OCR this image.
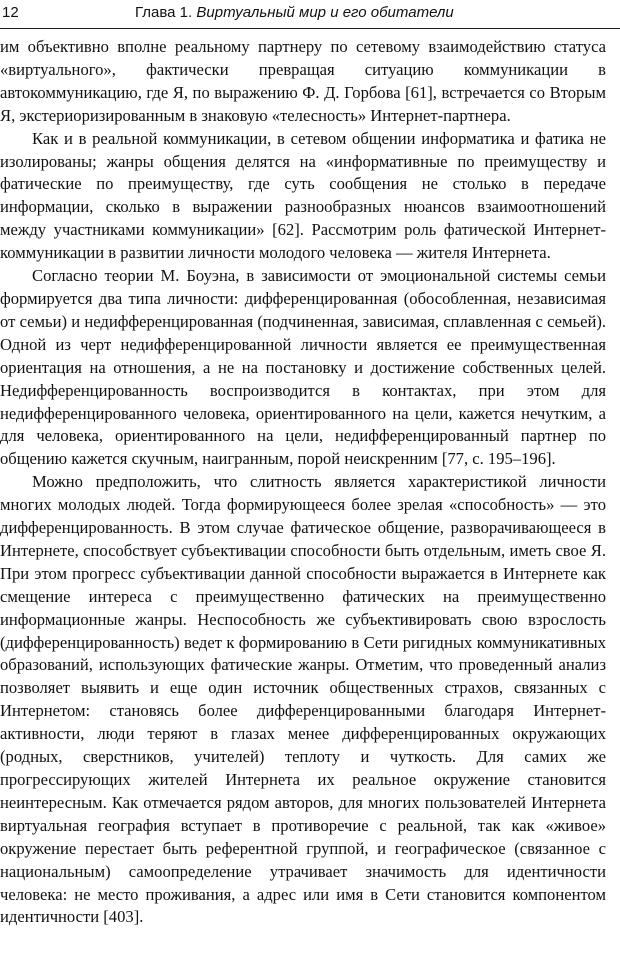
12	Глава 1. Виртуальный мир и его обитатели

им объективно вполне реальному партнеру по сетевому взаимодействию статуса «виртуального», фактически превращая ситуацию коммуникации в автокоммуникацию, где Я, по выражению Ф. Д. Горбова [61], встречается со Вторым Я, экстериоризированным в знаковую «телесность» Интернет-партнера.

Как и в реальной коммуникации, в сетевом общении информатика и фатика не изолированы; жанры общения делятся на «информативные по преимуществу и фатические по преимуществу, где суть сообщения не столько в передаче информации, сколько в выражении разнообразных нюансов взаимоотношений между участниками коммуникации» [62]. Рассмотрим роль фатической Интернет-коммуникации в развитии личности молодого человека — жителя Интернета.

Согласно теории М. Боуэна, в зависимости от эмоциональной системы семьи формируется два типа личности: дифференцированная (обособленная, независимая от семьи) и недифференцированная (подчиненная, зависимая, сплавленная с семьей). Одной из черт недифференцированной личности является ее преимущественная ориентация на отношения, а не на постановку и достижение собственных целей. Недифференцированность воспроизводится в контактах, при этом для недифференцированного человека, ориентированного на цели, кажется нечутким, а для человека, ориентированного на цели, недифференцированный партнер по общению кажется скучным, наигранным, порой неискренним [77, с. 195–196].

Можно предположить, что слитность является характеристикой личности многих молодых людей. Тогда формирующееся более зрелая «способность» — это дифференцированность. В этом случае фатическое общение, разворачивающееся в Интернете, способствует субъективации способности быть отдельным, иметь свое Я. При этом прогресс субъективации данной способности выражается в Интернете как смещение интереса с преимущественно фатических на преимущественно информационные жанры. Неспособность же субъективировать свою взрослость (дифференцированность) ведет к формированию в Сети ригидных коммуникативных образований, использующих фатические жанры. Отметим, что проведенный анализ позволяет выявить и еще один источник общественных страхов, связанных с Интернетом: становясь более дифференцированными благодаря Интернет-активности, люди теряют в глазах менее дифференцированных окружающих (родных, сверстников, учителей) теплоту и чуткость. Для самих же прогрессирующих жителей Интернета их реальное окружение становится неинтересным. Как отмечается рядом авторов, для многих пользователей Интернета виртуальная география вступает в противоречие с реальной, так как «живое» окружение перестает быть референтной группой, и географическое (связанное с национальным) самоопределение утрачивает значимость для идентичности человека: не место проживания, а адрес или имя в Сети становится компонентом идентичности [403].
